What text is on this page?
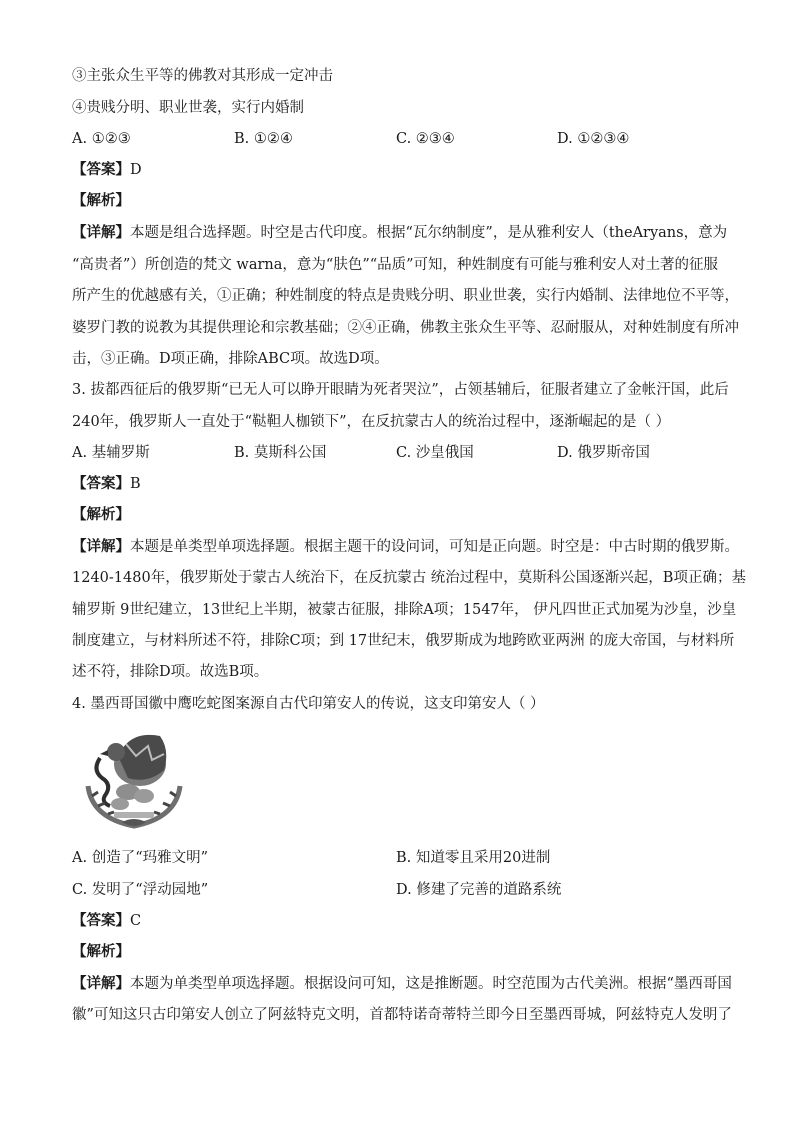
③主张众生平等的佛教对其形成一定冲击
④贵贱分明、职业世袭，实行内婚制
A. ①②③	B. ①②④	C. ②③④	D. ①②③④
【答案】D
【解析】
【详解】本题是组合选择题。时空是古代印度。根据“瓦尔纳制度”，是从雅利安人（theAryans，意为
“高贵者”）所创造的梵文 warna，意为“肤色”“品质”可知，种姓制度有可能与雅利安人对土著的征服
所产生的优越感有关，①正确；种姓制度的特点是贵贱分明、职业世袭，实行内婚制、法律地位不平等，
婆罗门教的说教为其提供理论和宗教基础；②④正确，佛教主张众生平等、忍耐服从，对种姓制度有所冲
击，③正确。D项正确，排除ABC项。故选D项。
3. 拔都西征后的俄罗斯“已无人可以睁开眼睛为死者哭泣”，占领基辅后，征服者建立了金帐汗国，此后
240年，俄罗斯人一直处于“鞑靼人枷锁下”，在反抗蒙古人的统治过程中，逐渐崛起的是（ ）
A. 基辅罗斯	B. 莫斯科公国	C. 沙皇俄国	D. 俄罗斯帝国
【答案】B
【解析】
【详解】本题是单类型单项选择题。根据主题干的设问词，可知是正向题。时空是：中古时期的俄罗斯。
1240-1480年，俄罗斯处于蒙古人统治下，在反抗蒙古 统治过程中，莫斯科公国逐渐兴起，B项正确；基
辅罗斯 9世纪建立，13世纪上半期，被蒙古征服，排除A项；1547年， 伊凡四世正式加冕为沙皇，沙皇
制度建立，与材料所述不符，排除C项；到 17世纪末，俄罗斯成为地跨欧亚两洲 的庞大帝国，与材料所
述不符，排除D项。故选B项。
4. 墨西哥国徽中鹰吃蛇图案源自古代印第安人的传说，这支印第安人（ ）
A. 创造了“玛雅文明”	B. 知道零且采用20进制
C. 发明了“浮动园地”	D. 修建了完善的道路系统
【答案】C
【解析】
【详解】本题为单类型单项选择题。根据设问可知，这是推断题。时空范围为古代美洲。根据“墨西哥国
徽”可知这只古印第安人创立了阿兹特克文明，首都特诺奇蒂特兰即今日至墨西哥城，阿兹特克人发明了
